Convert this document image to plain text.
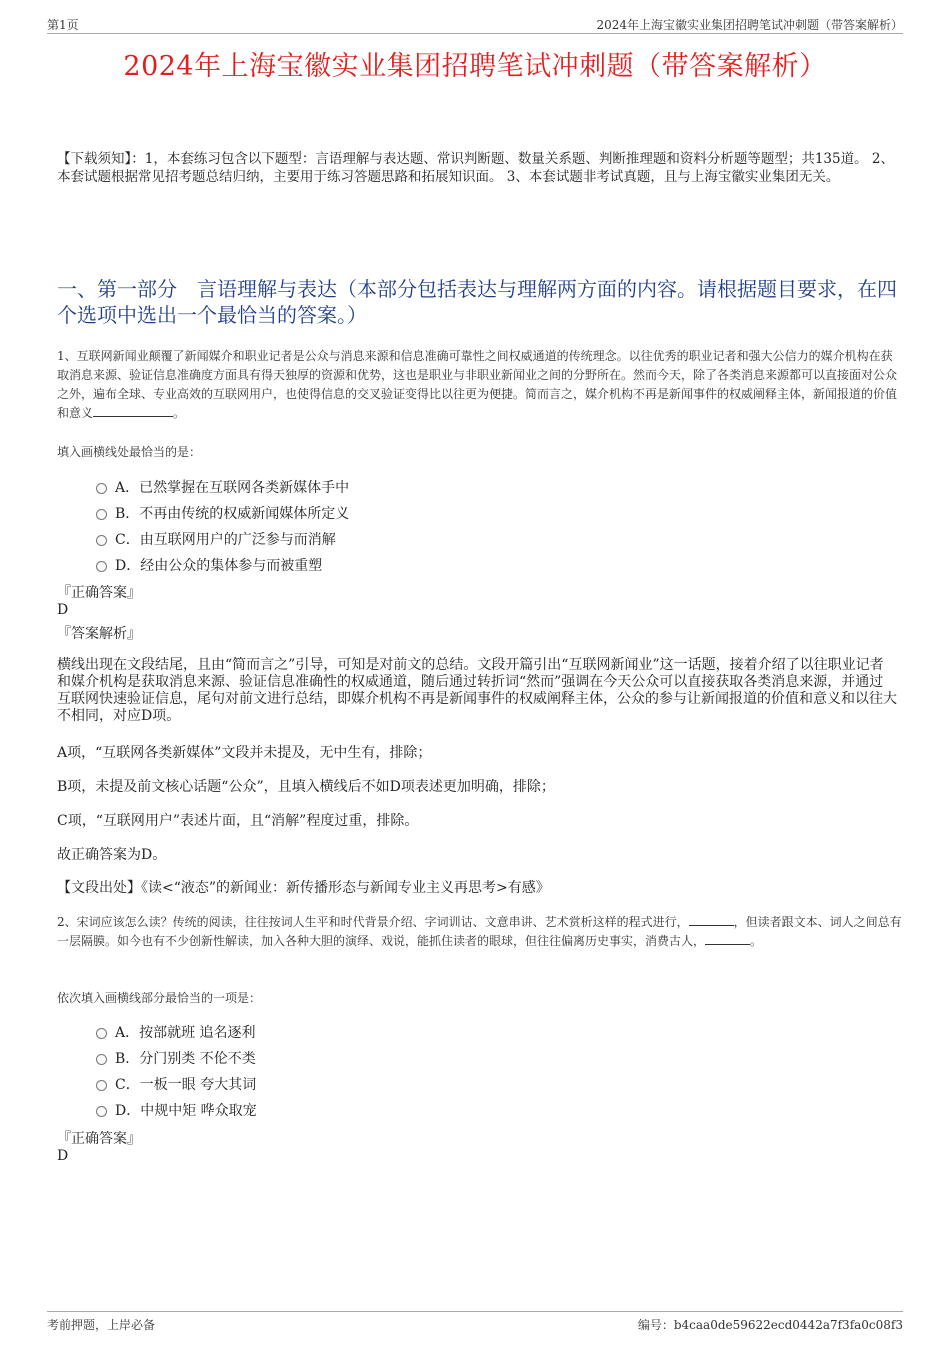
第1页	2024年上海宝徽实业集团招聘笔试冲刺题（带答案解析）
2024年上海宝徽实业集团招聘笔试冲刺题（带答案解析）
【下载须知】：1，本套练习包含以下题型：言语理解与表达题、常识判断题、数量关系题、判断推理题和资料分析题等题型；共135道。 2、本套试题根据常见招考题总结归纳，主要用于练习答题思路和拓展知识面。 3、本套试题非考试真题，且与上海宝徽实业集团无关。
一、第一部分　言语理解与表达（本部分包括表达与理解两方面的内容。请根据题目要求，在四个选项中选出一个最恰当的答案。）
1、互联网新闻业颠覆了新闻媒介和职业记者是公众与消息来源和信息准确可靠性之间权威通道的传统理念。以往优秀的职业记者和强大公信力的媒介机构在获取消息来源、验证信息准确度方面具有得天独厚的资源和优势，这也是职业与非职业新闻业之间的分野所在。然而今天，除了各类消息来源都可以直接面对公众之外，遍布全球、专业高效的互联网用户，也使得信息的交叉验证变得比以往更为便捷。简而言之，媒介机构不再是新闻事件的权威阐释主体，新闻报道的价值和意义	。
填入画横线处最恰当的是：
A．已然掌握在互联网各类新媒体手中
B．不再由传统的权威新闻媒体所定义
C．由互联网用户的广泛参与而消解
D．经由公众的集体参与而被重塑
『正确答案』
D
『答案解析』
横线出现在文段结尾，且由“简而言之”引导，可知是对前文的总结。文段开篇引出“互联网新闻业”这一话题，接着介绍了以往职业记者和媒介机构是获取消息来源、验证信息准确性的权威通道，随后通过转折词“然而”强调在今天公众可以直接获取各类消息来源，并通过互联网快速验证信息，尾句对前文进行总结，即媒介机构不再是新闻事件的权威阐释主体，公众的参与让新闻报道的价值和意义和以往大不相同，对应D项。
A项，“互联网各类新媒体”文段并未提及，无中生有，排除；
B项，未提及前文核心话题“公众”，且填入横线后不如D项表述更加明确，排除；
C项，“互联网用户”表述片面，且“消解”程度过重，排除。
故正确答案为D。
【文段出处】《读<“液态”的新闻业：新传播形态与新闻专业主义再思考>有感》
2、宋词应该怎么读？传统的阅读，往往按词人生平和时代背景介绍、字词训诂、文意串讲、艺术赏析这样的程式进行，	，但读者跟文本、词人之间总有一层隔膜。如今也有不少创新性解读，加入各种大胆的演绎、戏说，能抓住读者的眼球，但往往偏离历史事实，消费古人，	。
依次填入画横线部分最恰当的一项是：
A．按部就班 追名逐利
B．分门别类 不伦不类
C．一板一眼 夸大其词
D．中规中矩 哗众取宠
『正确答案』
D
考前押题，上岸必备	编号：b4caa0de59622ecd0442a7f3fa0c08f3
